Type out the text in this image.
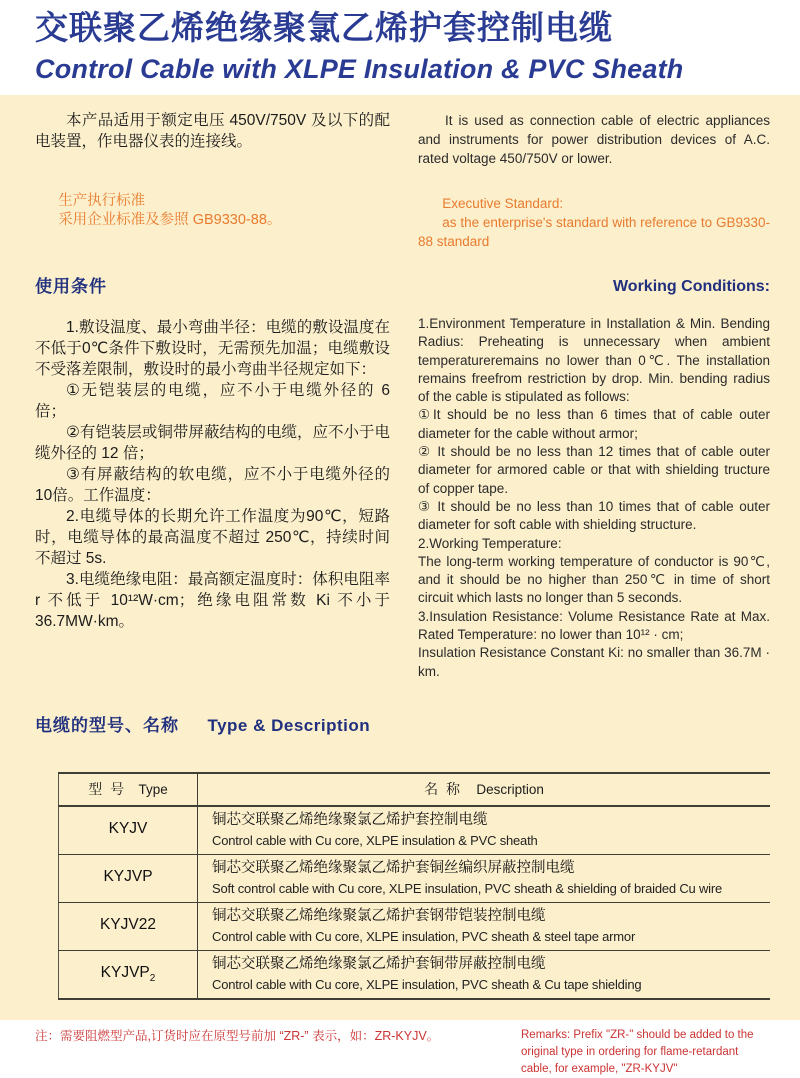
交联聚乙烯绝缘聚氯乙烯护套控制电缆
Control Cable with XLPE Insulation & PVC Sheath

本产品适用于额定电压 450V/750V 及以下的配电装置，作电器仪表的连接线。

生产执行标准

采用企业标准及参照 GB9330-88。

It is used as connection cable of electric appliances and instruments for power distribution devices of A.C. rated voltage 450/750V or lower.

Executive Standard:

as the enterprise's standard with reference to GB9330-88 standard

使用条件

1.敷设温度、最小弯曲半径：电缆的敷设温度在不低于0℃条件下敷设时，无需预先加温；电缆敷设不受落差限制，敷设时的最小弯曲半径规定如下：

①无铠装层的电缆，应不小于电缆外径的 6 倍；

②有铠装层或铜带屏蔽结构的电缆，应不小于电缆外径的 12 倍；

③有屏蔽结构的软电缆，应不小于电缆外径的10倍。工作温度：

2.电缆导体的长期允许工作温度为90℃，短路时，电缆导体的最高温度不超过 250℃，持续时间不超过 5s.

3.电缆绝缘电阻：最高额定温度时：体积电阻率 r 不低于 10¹²W·cm；绝缘电阻常数 Ki 不小于 36.7MW·km。

Working Conditions:

1.Environment Temperature in Installation & Min. Bending Radius: Preheating is unnecessary when ambient temperatureremains no lower than 0℃. The installation remains freefrom restriction by drop. Min. bending radius of the cable is stipulated as follows:

①It should be no less than 6 times that of cable outer diameter for the cable without armor;

② It should be no less than 12 times that of cable outer diameter for armored cable or that with shielding tructure of copper tape.

③ It should be no less than 10 times that of cable outer diameter for soft cable with shielding structure.

2.Working Temperature:

The long-term working temperature of conductor is 90℃, and it should be no higher than 250℃ in time of short circuit which lasts no longer than 5 seconds.

3.Insulation Resistance: Volume Resistance Rate at Max. Rated Temperature: no lower than 10¹² · cm;

Insulation Resistance Constant Ki: no smaller than 36.7M · km.

电缆的型号、名称 Type & Description
型 号 Type	名 称 Description
KYJV	铜芯交联聚乙烯绝缘聚氯乙烯护套控制电缆
Control cable with Cu core, XLPE insulation & PVC sheath

KYJVP	铜芯交联聚乙烯绝缘聚氯乙烯护套铜丝编织屏蔽控制电缆
Soft control cable with Cu core, XLPE insulation, PVC sheath & shielding of braided Cu wire

KYJV22	铜芯交联聚乙烯绝缘聚氯乙烯护套钢带铠装控制电缆
Control cable with Cu core, XLPE insulation, PVC sheath & steel tape armor

$KYJVP_2$	铜芯交联聚乙烯绝缘聚氯乙烯护套铜带屏蔽控制电缆
Control cable with Cu core, XLPE insulation, PVC sheath & Cu tape shielding
注：需要阻燃型产品,订货时应在原型号前加 “ZR-” 表示，如：ZR-KYJV。	Remarks: Prefix "ZR-" should be added to the original type in ordering for flame-retardant cable, for example, "ZR-KYJV"
